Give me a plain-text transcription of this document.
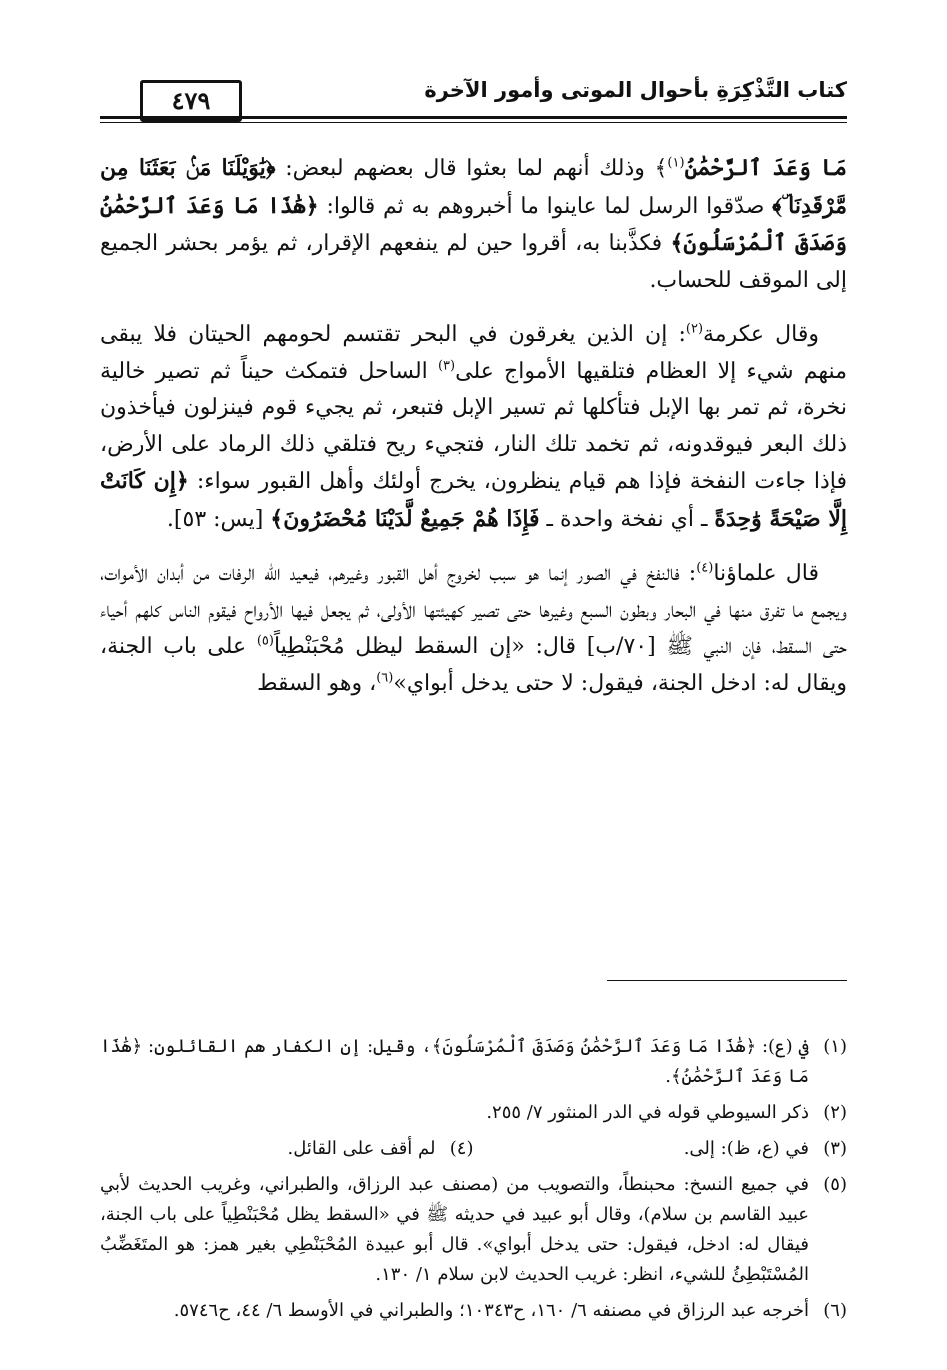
كتاب التَّذْكِرَةِ بأحوال الموتى وأمور الآخرة
٤٧٩

مَا وَعَدَ ٱلرَّحْمَٰنُ$^{(١)}$﴾ وذلك أنهم لما بعثوا قال بعضهم لبعض: ﴿يَٰوَيْلَنَا مَنۢ بَعَثَنَا مِن مَّرْقَدِنَا ۜ﴾ صدّقوا الرسل لما عاينوا ما أخبروهم به ثم قالوا: ﴿هَٰذَا مَا وَعَدَ ٱلرَّحْمَٰنُ وَصَدَقَ ٱلْمُرْسَلُونَ﴾ فكذَّبنا به، أقروا حين لم ينفعهم الإقرار، ثم يؤمر بحشر الجميع إلى الموقف للحساب.

وقال عكرمة$^{(٢)}$: إن الذين يغرقون في البحر تقتسم لحومهم الحيتان فلا يبقى منهم شيء إلا العظام فتلقيها الأمواج على$^{(٣)}$ الساحل فتمكث حيناً ثم تصير خالية نخرة، ثم تمر بها الإبل فتأكلها ثم تسير الإبل فتبعر، ثم يجيء قوم فينزلون فيأخذون ذلك البعر فيوقدونه، ثم تخمد تلك النار، فتجيء ريح فتلقي ذلك الرماد على الأرض، فإذا جاءت النفخة فإذا هم قيام ينظرون، يخرج أولئك وأهل القبور سواء: ﴿إِن كَانَتْ إِلَّا صَيْحَةً وَٰحِدَةً ـ أي نفخة واحدة ـ فَإِذَا هُمْ جَمِيعٌ لَّدَيْنَا مُحْضَرُونَ﴾ [يس: ٥٣].

قال علماؤنا$^{(٤)}$: فالنفخ في الصور إنما هو سبب لخروج أهل القبور وغيرهم، فيعيد الله الرفات من أبدان الأموات، ويجمع ما تفرق منها في البحار وبطون السبع وغيرها حتى تصير كهيئتها الأولى، ثم يجعل فيها الأرواح فيقوم الناس كلهم أحياء حتى السقط، فإن النبي ﷺ [٧٠/ب] قال: «إن السقط ليظل مُحْبَنْطِياً$^{(٥)}$ على باب الجنة، ويقال له: ادخل الجنة، فيقول: لا حتى يدخل أبواي»$^{(٦)}$، وهو السقط

(١)
في (ع): ﴿هَٰذَا مَا وَعَدَ ٱلرَّحْمَٰنُ وَصَدَقَ ٱلْمُرْسَلُونَ﴾، وقيل: إن الكفار هم القائلون: ﴿هَٰذَا مَا وَعَدَ ٱلرَّحْمَٰنُ﴾.
(٢)
ذكر السيوطي قوله في الدر المنثور ٧/ ٢٥٥.
(٣)
في (ع، ظ): إلى.
(٤)
لم أقف على القائل.
(٥)
في جميع النسخ: محبنطاً، والتصويب من (مصنف عبد الرزاق، والطبراني، وغريب الحديث لأبي عبيد القاسم بن سلام)، وقال أبو عبيد في حديثه ﷺ في «السقط يظل مُحْبَنْطِياً على باب الجنة، فيقال له: ادخل، فيقول: حتى يدخل أبواي». قال أبو عبيدة المُحْبَنْطِي بغير همز: هو المتَغَضِّبُ المُسْتَبْطِئُ للشيء، انظر: غريب الحديث لابن سلام ١/ ١٣٠.
(٦)
أخرجه عبد الرزاق في مصنفه ٦/ ١٦٠، ح١٠٣٤٣؛ والطبراني في الأوسط ٦/ ٤٤، ح٥٧٤٦.
